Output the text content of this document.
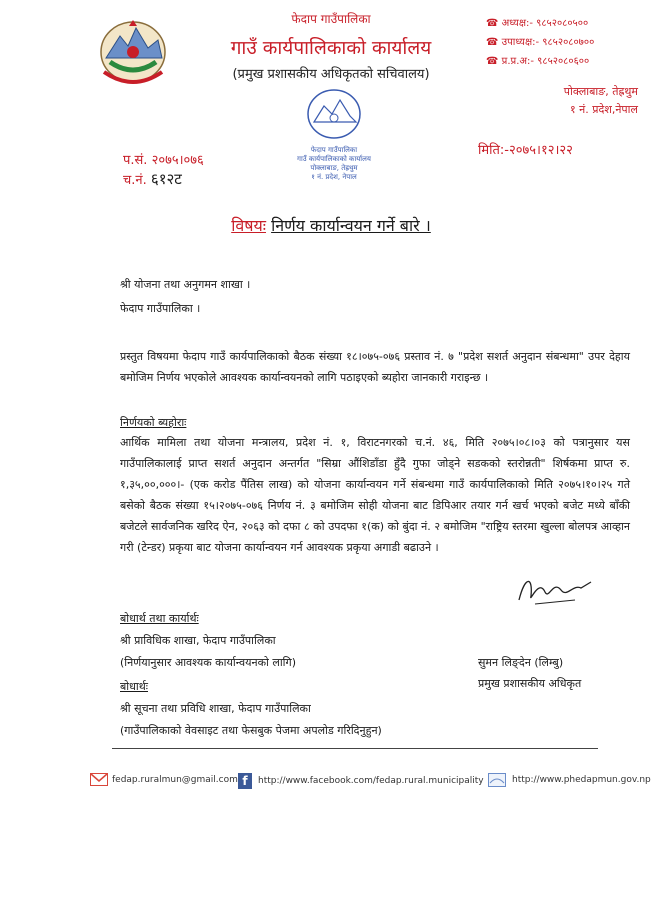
फेदाप गाउँपालिका
गाउँ कार्यपालिकाको कार्यालय
(प्रमुख प्रशासकीय अधिकृतको सचिवालय)
☎ अध्यक्ष:- ९८५२०८०५००
☎ उपाध्यक्ष:- ९८५२०८०७००
☎ प्र.प्र.अ:- ९८५२०८०६००
पोक्लाबाङ, तेह्रथुम
१ नं. प्रदेश,नेपाल
फेदाप गाउँपालिका
गाउँ कार्यपालिकाको कार्यालय
पोक्लाबाङ, तेह्रथुम
१ नं. प्रदेश, नेपाल
प.सं. २०७५।०७६
च.नं. ६१२ट
मिति:-२०७५।१२।२२
विषयः निर्णय कार्यान्वयन गर्ने बारे ।
श्री योजना तथा अनुगमन शाखा ।
फेदाप गाउँपालिका ।
प्रस्तुत विषयमा फेदाप गाउँ कार्यपालिकाको बैठक संख्या १८।०७५-०७६ प्रस्ताव नं. ७ "प्रदेश सशर्त अनुदान संबन्धमा" उपर देहाय बमोजिम निर्णय भएकोले आवश्यक कार्यान्वयनको लागि पठाइएको ब्यहोरा जानकारी गराइन्छ ।
निर्णयको ब्यहोराः
आर्थिक मामिला तथा योजना मन्त्रालय, प्रदेश नं. १, विराटनगरको च.नं. ४६, मिति २०७५।०८।०३ को पत्रानुसार यस गाउँपालिकालाई प्राप्त सशर्त अनुदान अन्तर्गत "सिम्रा औंशिडाँडा हुँदै गुफा जोड्ने सडकको स्तरोन्नती" शिर्षकमा प्राप्त रु. १,३५,००,०००।- (एक करोड पैंतिस लाख) को योजना कार्यान्वयन गर्ने संबन्धमा गाउँ कार्यपालिकाको मिति २०७५।१०।२५ गते बसेको बैठक संख्या १५।२०७५-०७६ निर्णय नं. ३ बमोजिम सोही योजना बाट डिपिआर तयार गर्न खर्च भएको बजेट मध्ये बाँकी बजेटले सार्वजनिक खरिद ऐन, २०६३ को दफा ८ को उपदफा १(क) को बुंदा नं. २ बमोजिम "राष्ट्रिय स्तरमा खुल्ला बोलपत्र आव्हान गरी (टेन्डर) प्रकृया बाट योजना कार्यान्वयन गर्न आवश्यक प्रकृया अगाडी बढाउने ।
बोधार्थ तथा कार्यार्थः
श्री प्राविधिक शाखा, फेदाप गाउँपालिका
(निर्णयानुसार आवश्यक कार्यान्वयनको लागि)	सुमन लिङ्देन (लिम्बु)
प्रमुख प्रशासकीय अधिकृत
बोधार्थः
श्री सूचना तथा प्रविधि शाखा, फेदाप गाउँपालिका
(गाउँपालिकाको वेवसाइट तथा फेसबुक पेजमा अपलोड गरिदिनुहुन)
fedap.ruralmun@gmail.com f	http://www.facebook.com/fedap.rural.municipality	http://www.phedapmun.gov.np
